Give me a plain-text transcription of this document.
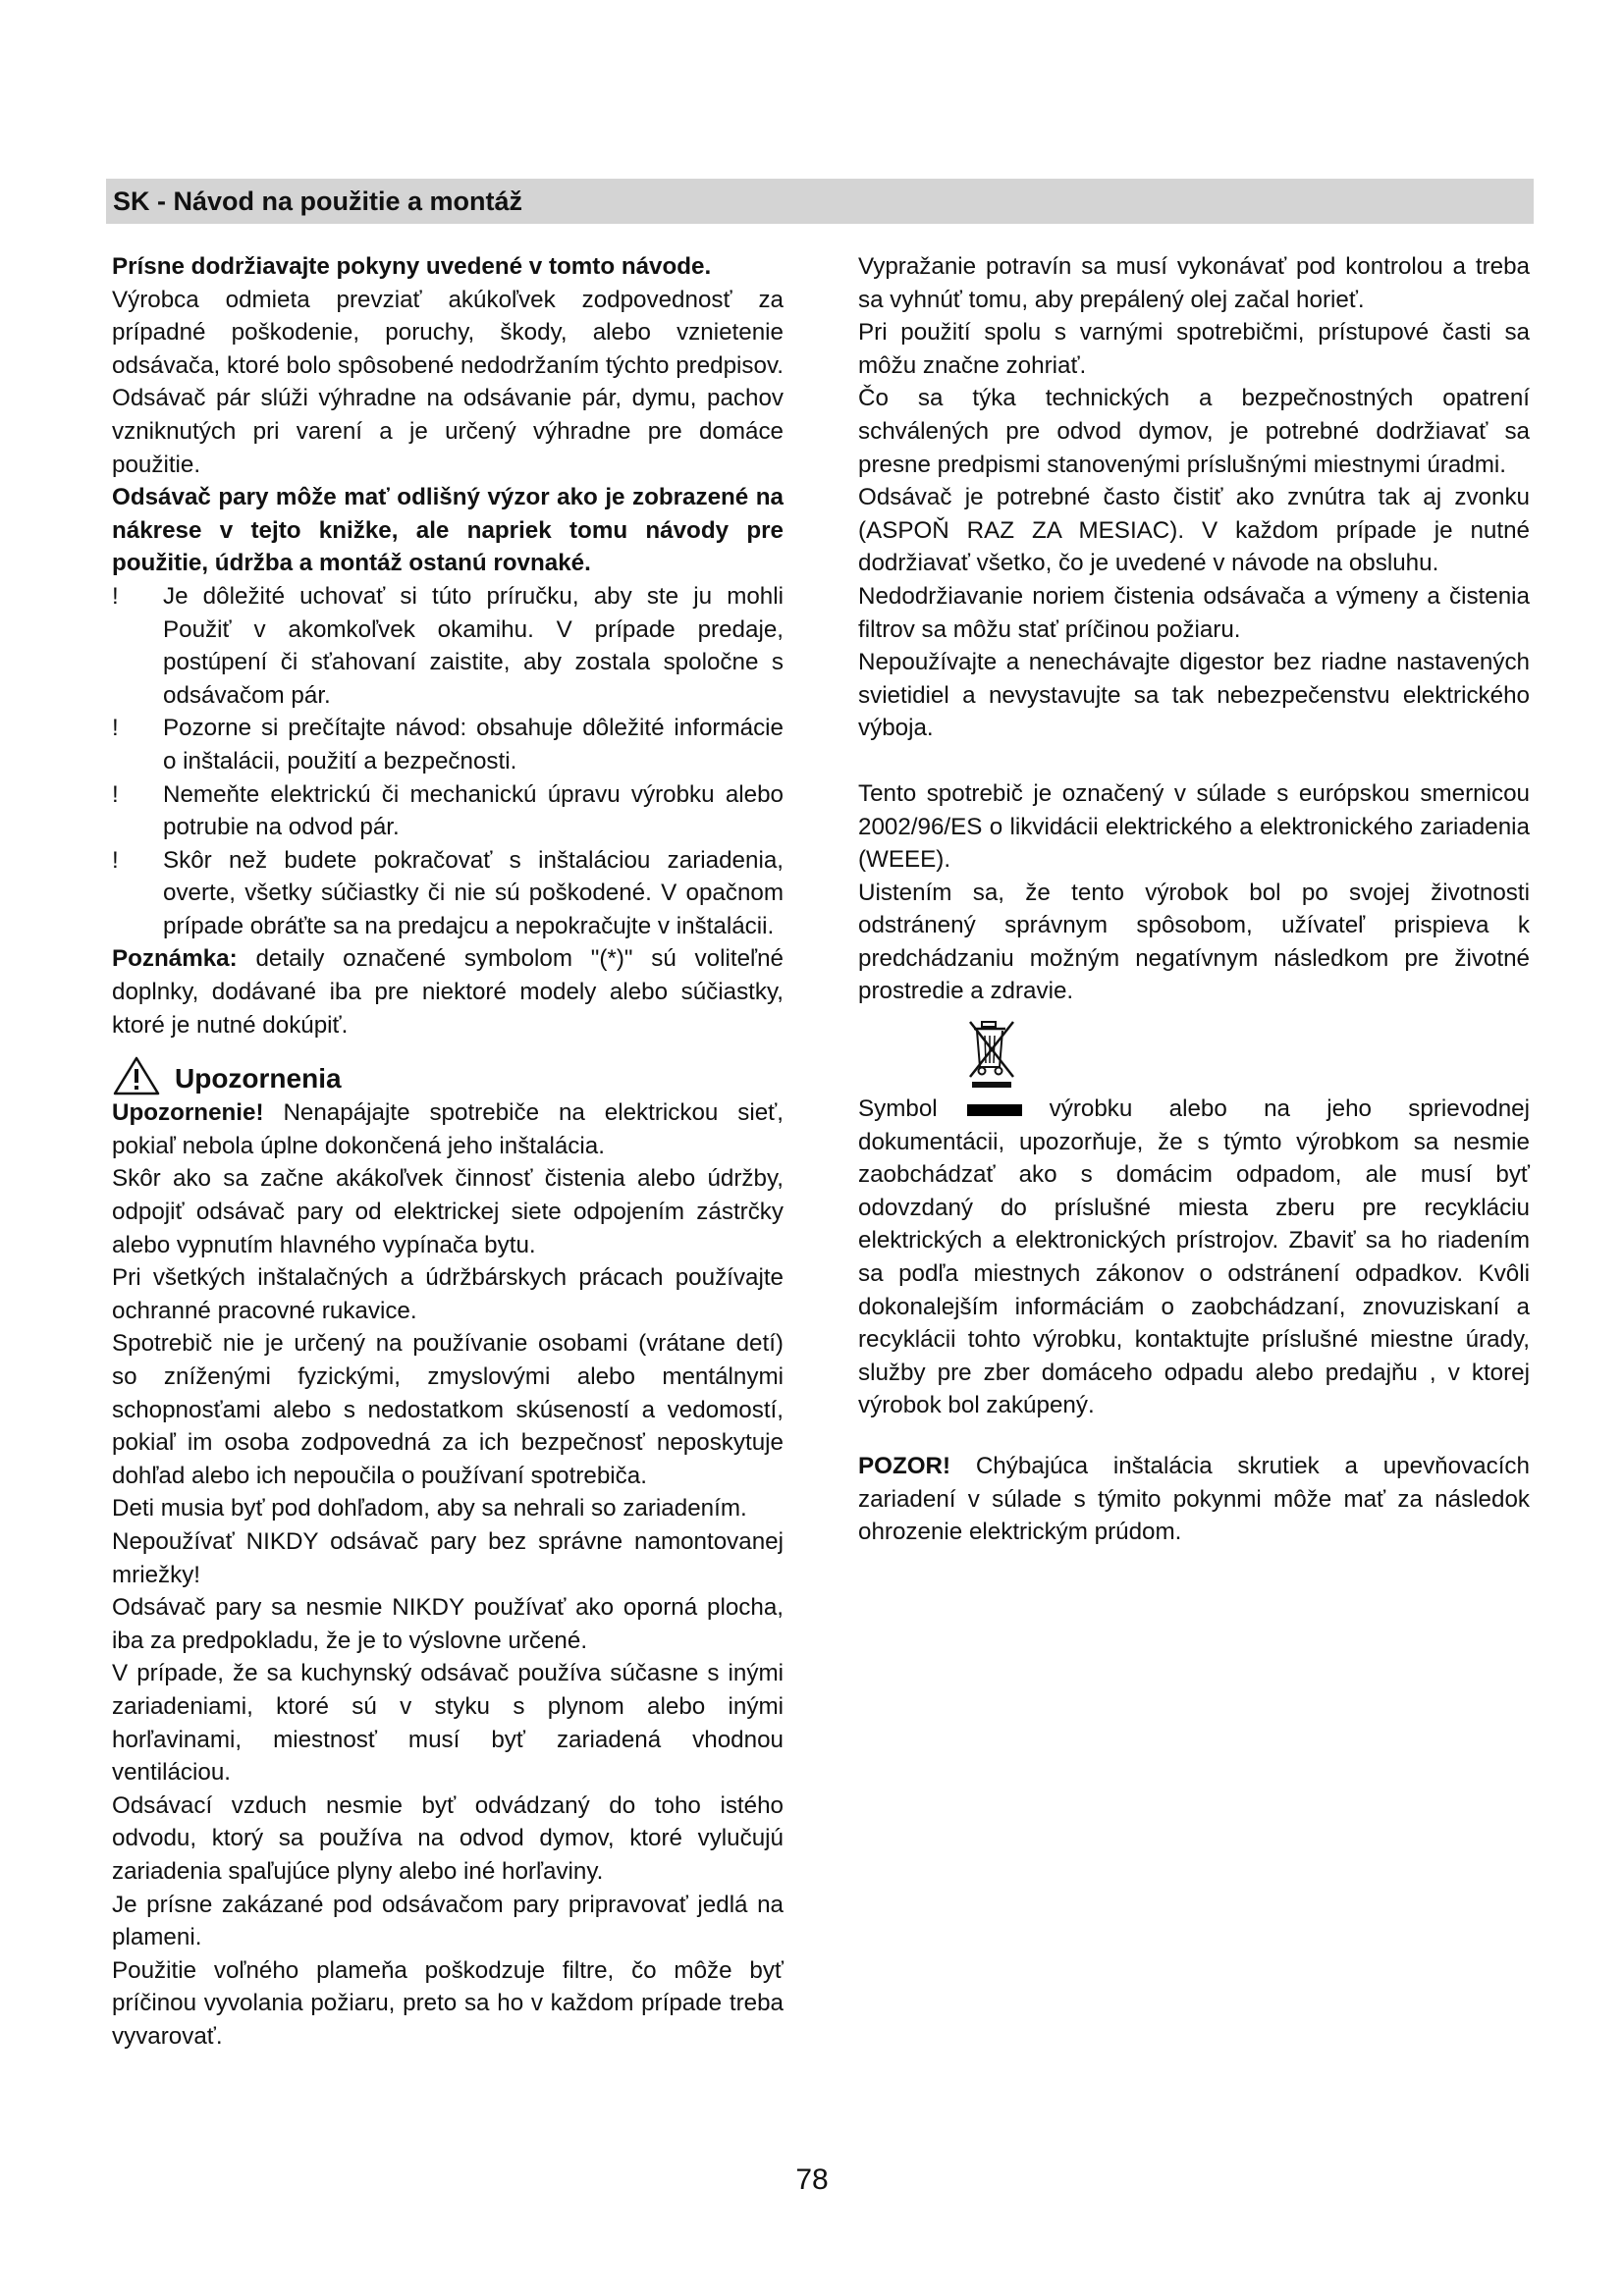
SK - Návod na použitie a montáž

Prísne dodržiavajte pokyny uvedené v tomto návode.

Výrobca odmieta prevziať akúkoľvek zodpovednosť za prípadné poškodenie, poruchy, škody, alebo vznietenie odsávača, ktoré bolo spôsobené nedodržaním týchto predpisov. Odsávač pár slúži výhradne na odsávanie pár, dymu, pachov vzniknutých pri varení a je určený výhradne pre domáce použitie.

Odsávač pary môže mať odlišný výzor ako je zobrazené na nákrese v tejto knižke, ale napriek tomu návody pre použitie, údržba a montáž ostanú rovnaké.

!	Je dôležité uchovať si túto príručku, aby ste ju mohli Použiť v akomkoľvek okamihu. V prípade predaje, postúpení či sťahovaní zaistite, aby zostala spoločne s odsávačom pár.
!	Pozorne si prečítajte návod: obsahuje dôležité informácie o inštalácii, použití a bezpečnosti.
!	Nemeňte elektrickú či mechanickú úpravu výrobku alebo potrubie na odvod pár.
!	Skôr než budete pokračovať s inštaláciou zariadenia, overte, všetky súčiastky či nie sú poškodené. V opačnom prípade obráťte sa na predajcu a nepokračujte v inštalácii.

Poznámka: detaily označené symbolom "(*)" sú voliteľné doplnky, dodávané iba pre niektoré modely alebo súčiastky, ktoré je nutné dokúpiť.

Upozornenia

Upozornenie! Nenapájajte spotrebiče na elektrickou sieť, pokiaľ nebola úplne dokončená jeho inštalácia.

Skôr ako sa začne akákoľvek činnosť čistenia alebo údržby, odpojiť odsávač pary od elektrickej siete odpojením zástrčky alebo vypnutím hlavného vypínača bytu.

Pri všetkých inštalačných a údržbárskych prácach používajte ochranné pracovné rukavice.

Spotrebič nie je určený na používanie osobami (vrátane detí) so zníženými fyzickými, zmyslovými alebo mentálnymi schopnosťami alebo s nedostatkom skúseností a vedomostí, pokiaľ im osoba zodpovedná za ich bezpečnosť neposkytuje dohľad alebo ich nepoučila o používaní spotrebiča.

Deti musia byť pod dohľadom, aby sa nehrali so zariadením.

Nepoužívať NIKDY odsávač pary bez správne namontovanej mriežky!

Odsávač pary sa nesmie NIKDY používať ako oporná plocha, iba za predpokladu, že je to výslovne určené.

V prípade, že sa kuchynský odsávač používa súčasne s inými zariadeniami, ktoré sú v styku s plynom alebo inými horľavinami, miestnosť musí byť zariadená vhodnou ventiláciou.

Odsávací vzduch nesmie byť odvádzaný do toho istého odvodu, ktorý sa používa na odvod dymov, ktoré vylučujú zariadenia spaľujúce plyny alebo iné horľaviny.

Je prísne zakázané pod odsávačom pary pripravovať jedlá na plameni.

Použitie voľného plameňa poškodzuje filtre, čo môže byť príčinou vyvolania požiaru, preto sa ho v každom prípade treba vyvarovať.

Vypražanie potravín sa musí vykonávať pod kontrolou a treba sa vyhnúť tomu, aby prepálený olej začal horieť.

Pri použití spolu s varnými spotrebičmi, prístupové časti sa môžu značne zohriať.

Čo sa týka technických a bezpečnostných opatrení schválených pre odvod dymov, je potrebné dodržiavať sa presne predpismi stanovenými príslušnými miestnymi úradmi.

Odsávač je potrebné často čistiť ako zvnútra tak aj zvonku (ASPOŇ RAZ ZA MESIAC). V každom prípade je nutné dodržiavať všetko, čo je uvedené v návode na obsluhu.

Nedodržiavanie noriem čistenia odsávača a výmeny a čistenia filtrov sa môžu stať príčinou požiaru.

Nepoužívajte a nenechávajte digestor bez riadne nastavených svietidiel a nevystavujte sa tak nebezpečenstvu elektrického výboja.

Tento spotrebič je označený v súlade s európskou smernicou 2002/96/ES o likvidácii elektrického a elektronického zariadenia (WEEE).

Uistením sa, že tento výrobok bol po svojej životnosti odstránený správnym spôsobom, užívateľ prispieva k predchádzaniu možným negatívnym následkom pre životné prostredie a zdravie.

Symbol	výrobku alebo na jeho sprievodnej dokumentácii, upozorňuje, že s týmto výrobkom sa nesmie zaobchádzať ako s domácim odpadom, ale musí byť odovzdaný do príslušné miesta zberu pre recykláciu elektrických a elektronických prístrojov. Zbaviť sa ho riadením sa podľa miestnych zákonov o odstránení odpadkov. Kvôli dokonalejším informáciám o zaobchádzaní, znovuziskaní a recyklácii tohto výrobku, kontaktujte príslušné miestne úrady, služby pre zber domáceho odpadu alebo predajňu , v ktorej výrobok bol zakúpený.

POZOR! Chýbajúca inštalácia skrutiek a upevňovacích zariadení v súlade s týmito pokynmi môže mať za následok ohrozenie elektrickým prúdom.

78
